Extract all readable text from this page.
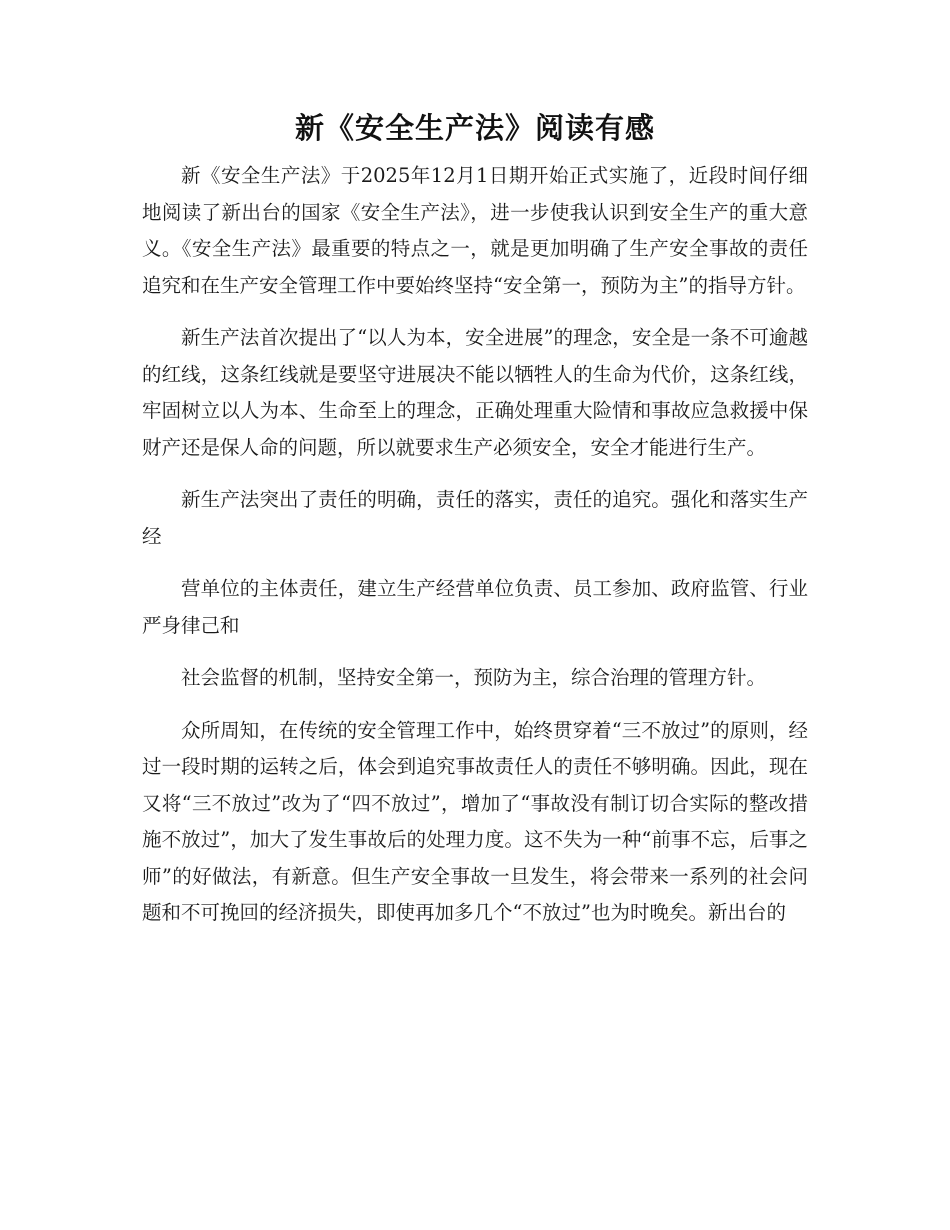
新《安全生产法》阅读有感

新《安全生产法》于2025年12月1日期开始正式实施了，近段时间仔细地阅读了新出台的国家《安全生产法》，进一步使我认识到安全生产的重大意义。《安全生产法》最重要的特点之一，就是更加明确了生产安全事故的责任追究和在生产安全管理工作中要始终坚持“安全第一，预防为主”的指导方针。

新生产法首次提出了“以人为本，安全进展”的理念，安全是一条不可逾越的红线，这条红线就是要坚守进展决不能以牺牲人的生命为代价，这条红线，牢固树立以人为本、生命至上的理念，正确处理重大险情和事故应急救援中保财产还是保人命的问题，所以就要求生产必须安全，安全才能进行生产。

新生产法突出了责任的明确，责任的落实，责任的追究。强化和落实生产经

营单位的主体责任，建立生产经营单位负责、员工参加、政府监管、行业严身律己和

社会监督的机制，坚持安全第一，预防为主，综合治理的管理方针。

众所周知，在传统的安全管理工作中，始终贯穿着“三不放过”的原则，经过一段时期的运转之后，体会到追究事故责任人的责任不够明确。因此，现在又将“三不放过”改为了“四不放过”，增加了“事故没有制订切合实际的整改措施不放过”，加大了发生事故后的处理力度。这不失为一种“前事不忘，后事之师”的好做法，有新意。但生产安全事故一旦发生，将会带来一系列的社会问题和不可挽回的经济损失，即使再加多几个“不放过”也为时晚矣。新出台的
